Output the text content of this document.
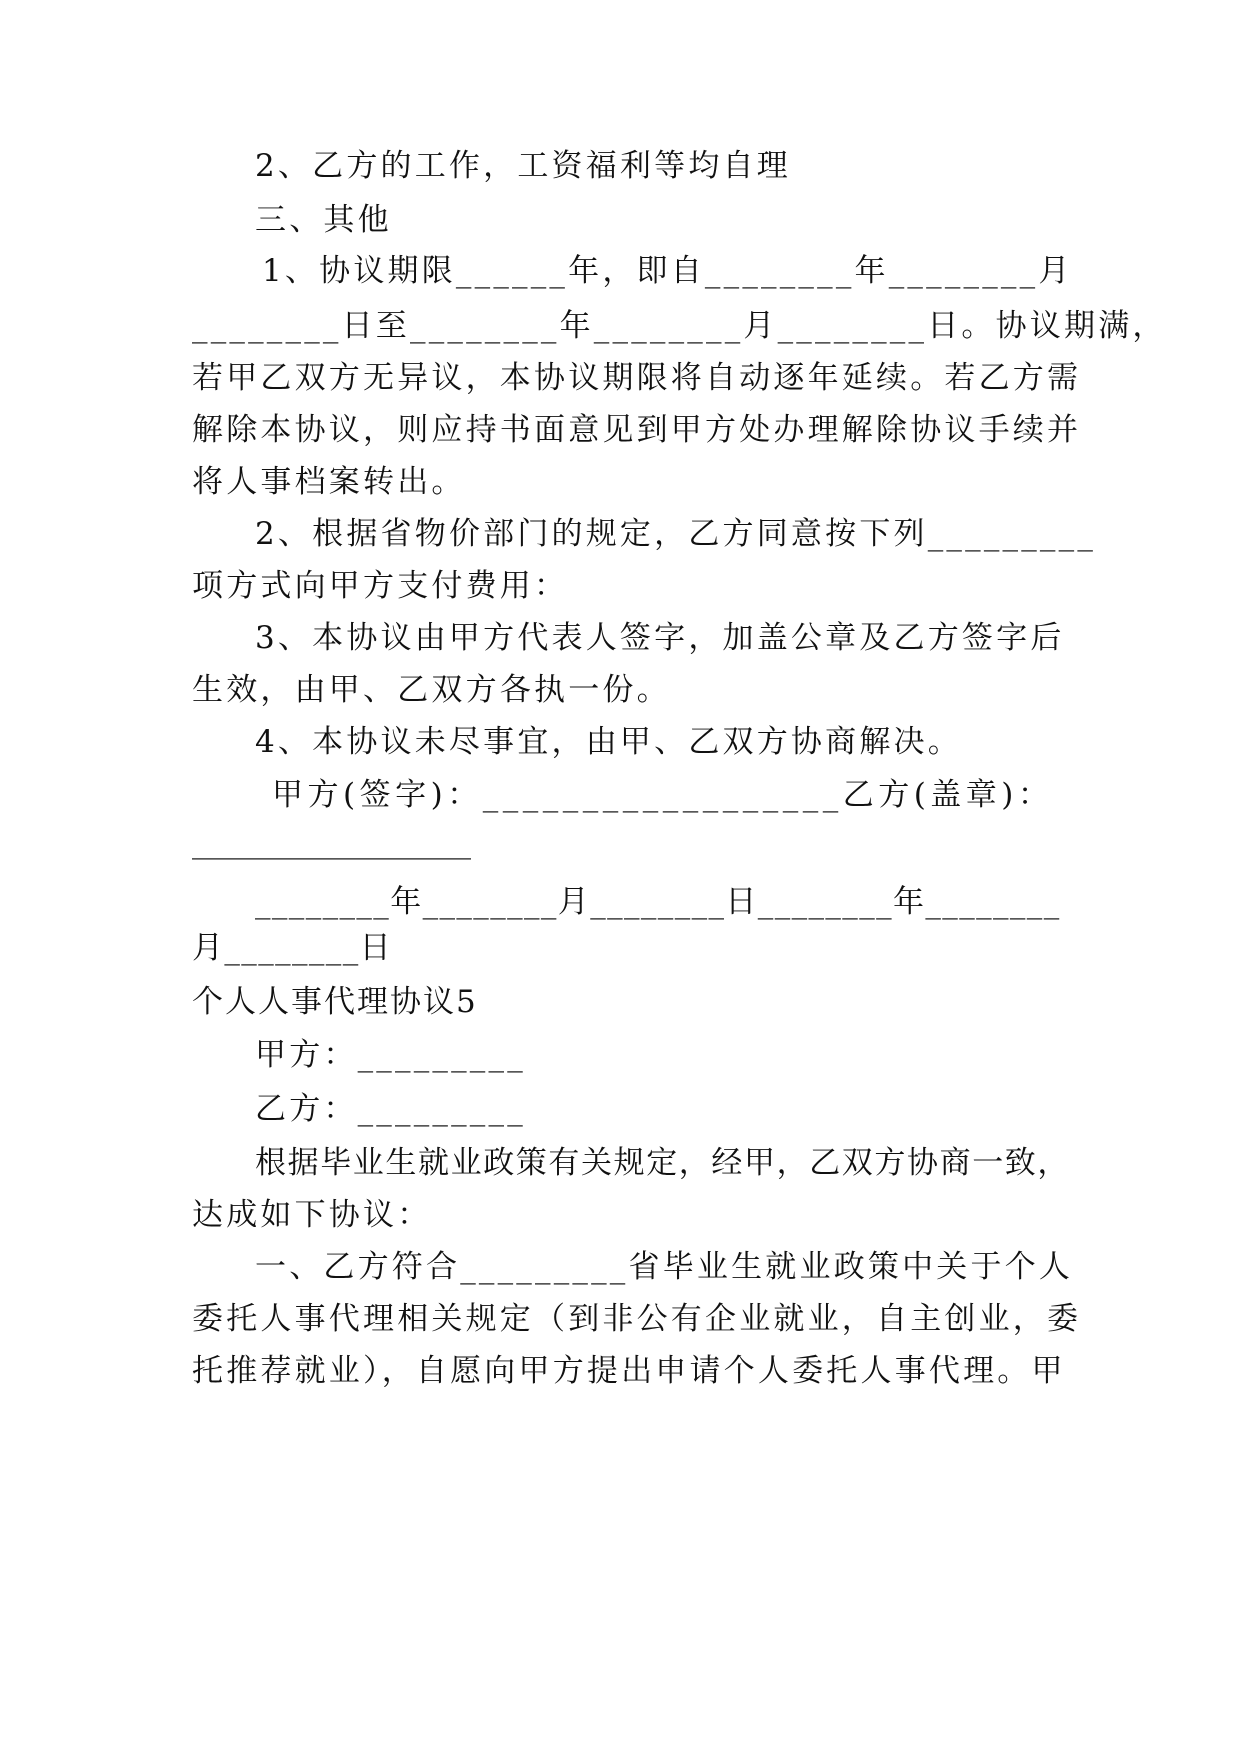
2、乙方的工作，工资福利等均自理
三、其他
1、协议期限______年，即自________年________月
________日至________年________月________日。协议期满，
若甲乙双方无异议，本协议期限将自动逐年延续。若乙方需
解除本协议，则应持书面意见到甲方处办理解除协议手续并
将人事档案转出。
2、根据省物价部门的规定，乙方同意按下列_________
项方式向甲方支付费用：
3、本协议由甲方代表人签字，加盖公章及乙方签字后
生效，由甲、乙双方各执一份。
4、本协议未尽事宜，由甲、乙双方协商解决。
甲方(签字)：__________________乙方(盖章)：
__________________
________年________月________日________年________
月________日
个人人事代理协议5
甲方：_________
乙方：_________
根据毕业生就业政策有关规定，经甲，乙双方协商一致，
达成如下协议：
一、乙方符合_________省毕业生就业政策中关于个人
委托人事代理相关规定（到非公有企业就业，自主创业，委
托推荐就业），自愿向甲方提出申请个人委托人事代理。甲
